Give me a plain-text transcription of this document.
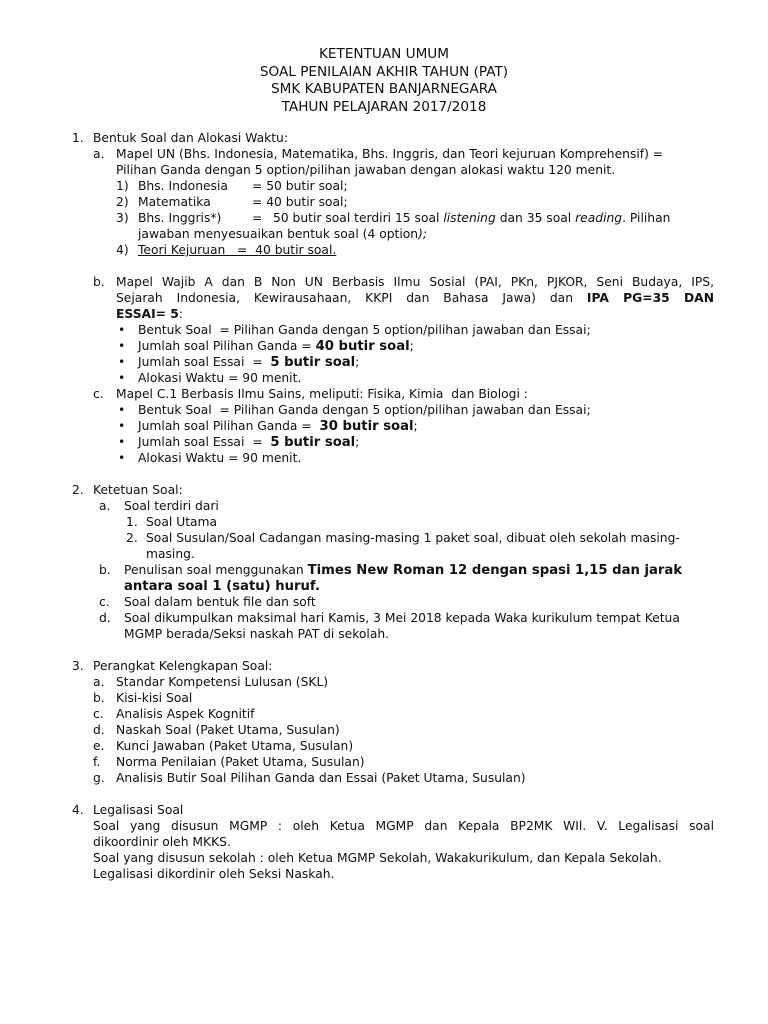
KETENTUAN UMUM
SOAL PENILAIAN AKHIR TAHUN (PAT)
SMK KABUPATEN BANJARNEGARA
TAHUN PELAJARAN 2017/2018
1. Bentuk Soal dan Alokasi Waktu:
a. Mapel UN (Bhs. Indonesia, Matematika, Bhs. Inggris, dan Teori kejuruan Komprehensif) =
Pilihan Ganda dengan 5 option/pilihan jawaban dengan alokasi waktu 120 menit.
1) Bhs. Indonesia = 50 butir soal;
2) Matematika	= 40 butir soal;
3) Bhs. Inggris*) = 50 butir soal terdiri 15 soal listening dan 35 soal reading. Pilihan
jawaban menyesuaikan bentuk soal (4 option);
4) Teori Kejuruan   =  40 butir soal.
b. Mapel Wajib A dan B Non UN Berbasis Ilmu Sosial (PAI, PKn, PJKOR, Seni Budaya, IPS,
Sejarah Indonesia, Kewirausahaan, KKPI dan Bahasa Jawa) dan IPA PG=35 DAN
ESSAI= 5:
• Bentuk Soal  = Pilihan Ganda dengan 5 option/pilihan jawaban dan Essai;
• Jumlah soal Pilihan Ganda = 40 butir soal;
• Jumlah soal Essai  = 5 butir soal;
• Alokasi Waktu = 90 menit.
c. Mapel C.1 Berbasis Ilmu Sains, meliputi: Fisika, Kimia  dan Biologi :
• Bentuk Soal  = Pilihan Ganda dengan 5 option/pilihan jawaban dan Essai;
• Jumlah soal Pilihan Ganda = 30 butir soal;
• Jumlah soal Essai  = 5 butir soal;
• Alokasi Waktu = 90 menit.
2. Ketetuan Soal:
a. Soal terdiri dari
1. Soal Utama
2. Soal Susulan/Soal Cadangan masing-masing 1 paket soal, dibuat oleh sekolah masing-
masing.
b. Penulisan soal menggunakan Times New Roman 12 dengan spasi 1,15 dan jarak
antara soal 1 (satu) huruf.
c. Soal dalam bentuk file dan soft
d. Soal dikumpulkan maksimal hari Kamis, 3 Mei 2018 kepada Waka kurikulum tempat Ketua
MGMP berada/Seksi naskah PAT di sekolah.
3. Perangkat Kelengkapan Soal:
a. Standar Kompetensi Lulusan (SKL)
b. Kisi-kisi Soal
c. Analisis Aspek Kognitif
d. Naskah Soal (Paket Utama, Susulan)
e. Kunci Jawaban (Paket Utama, Susulan)
f. Norma Penilaian (Paket Utama, Susulan)
g. Analisis Butir Soal Pilihan Ganda dan Essai (Paket Utama, Susulan)
4. Legalisasi Soal
Soal yang disusun MGMP : oleh Ketua MGMP dan Kepala BP2MK WIl. V. Legalisasi soal
dikoordinir oleh MKKS.
Soal yang disusun sekolah : oleh Ketua MGMP Sekolah, Wakakurikulum, dan Kepala Sekolah.
Legalisasi dikordinir oleh Seksi Naskah.
